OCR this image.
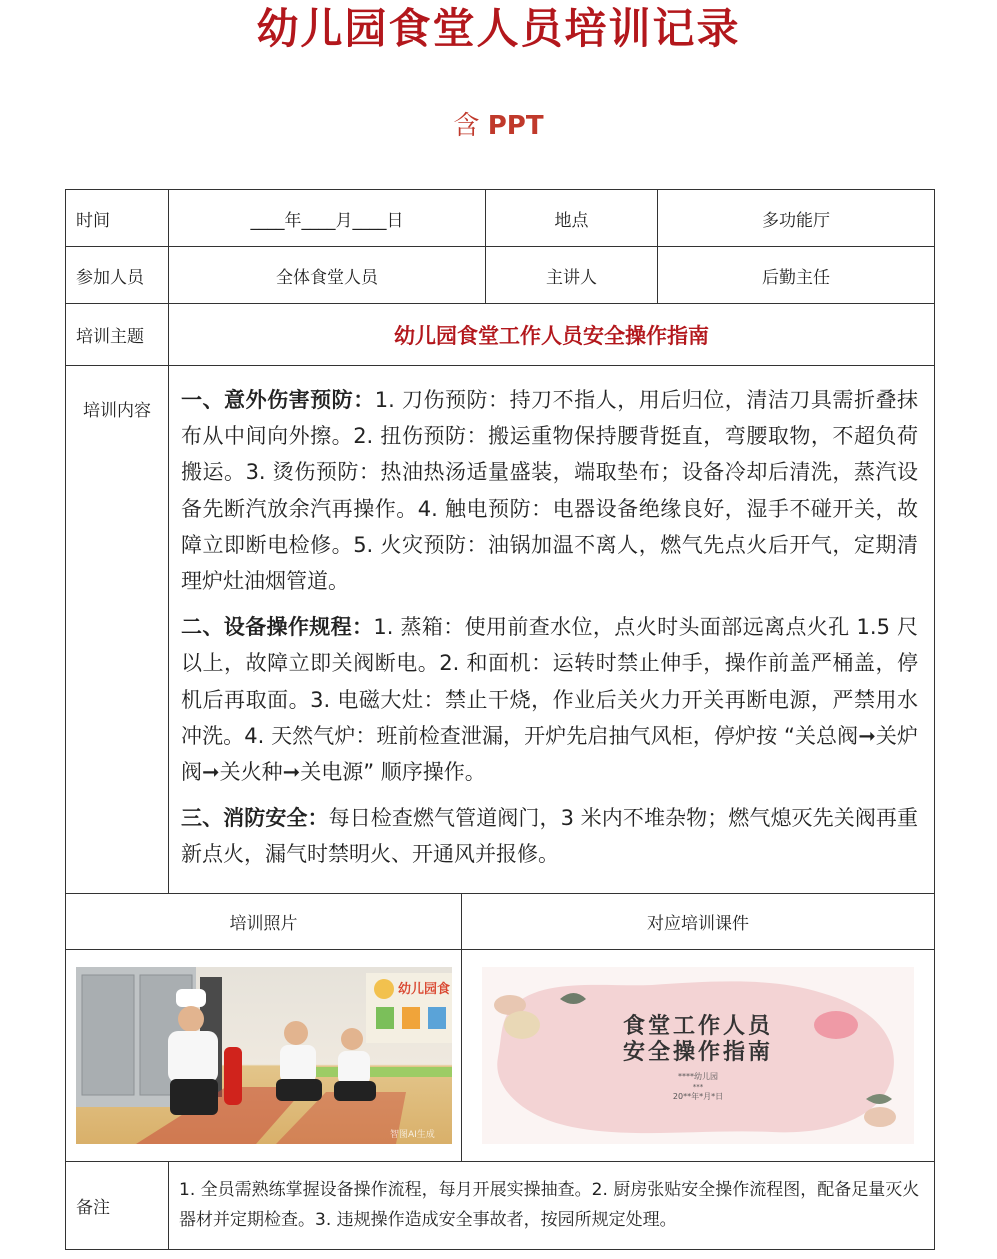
幼儿园食堂人员培训记录
含 PPT
时间	____年____月____日		地点	多功能厅
参加人员	全体食堂人员		主讲人	后勤主任
培训主题	幼儿园食堂工作人员安全操作指南			
培训内容	一、意外伤害预防：1. 刀伤预防：持刀不指人，用后归位，清洁刀具需折叠抹布从中间向外擦。2. 扭伤预防：搬运重物保持腰背挺直，弯腰取物，不超负荷搬运。3. 烫伤预防：热油热汤适量盛装，端取垫布；设备冷却后清洗，蒸汽设备先断汽放余汽再操作。4. 触电预防：电器设备绝缘良好，湿手不碰开关，故障立即断电检修。5. 火灾预防：油锅加温不离人，燃气先点火后开气，定期清理炉灶油烟管道。

二、设备操作规程：1. 蒸箱：使用前查水位，点火时头面部远离点火孔 1.5 尺以上，故障立即关阀断电。2. 和面机：运转时禁止伸手，操作前盖严桶盖，停机后再取面。3. 电磁大灶：禁止干烧，作业后关火力开关再断电源，严禁用水冲洗。4. 天然气炉：班前检查泄漏，开炉先启抽气风柜，停炉按 “关总阀➞关炉阀➞关火种➞关电源” 顺序操作。

三、消防安全：每日检查燃气管道阀门，3 米内不堆杂物；燃气熄灭先关阀再重新点火，漏气时禁明火、开通风并报修。			

培训照片		对应培训课件		

幼儿园食
智图AI生成		食堂工作人员
安全操作指南
****幼儿园
***
20**年*月*日		

备注	1. 全员需熟练掌握设备操作流程，每月开展实操抽查。2. 厨房张贴安全操作流程图，配备足量灭火器材并定期检查。3. 违规操作造成安全事故者，按园所规定处理。			
